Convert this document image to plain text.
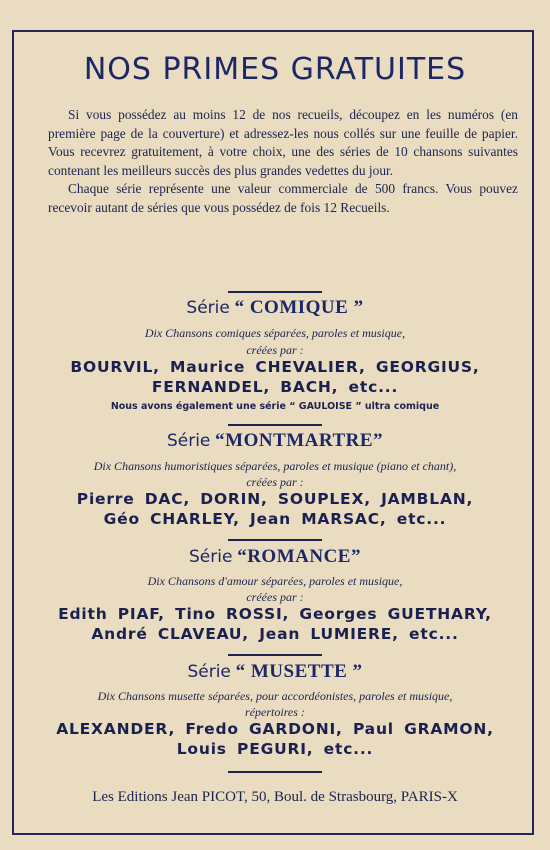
NOS PRIMES GRATUITES

Si vous possédez au moins 12 de nos recueils, découpez en les numéros (en première page de la couverture) et adressez-les nous collés sur une feuille de papier. Vous recevrez gratuitement, à votre choix, une des séries de 10 chansons suivantes contenant les meilleurs succès des plus grandes vedettes du jour.

Chaque série représente une valeur commerciale de 500 francs. Vous pouvez recevoir autant de séries que vous possédez de fois 12 Recueils.

Série “ COMIQUE ”
Dix Chansons comiques séparées, paroles et musique,
créées par :
BOURVIL, Maurice CHEVALIER, GEORGIUS,
FERNANDEL, BACH, etc...
Nous avons également une série “ GAULOISE ” ultra comique
Série “MONTMARTRE”
Dix Chansons humoristiques séparées, paroles et musique (piano et chant),
créées par :
Pierre DAC, DORIN, SOUPLEX, JAMBLAN,
Géo CHARLEY, Jean MARSAC, etc...
Série “ROMANCE”
Dix Chansons d'amour séparées, paroles et musique,
créées par :
Edith PIAF, Tino ROSSI, Georges GUETHARY,
André CLAVEAU, Jean LUMIERE, etc...
Série “ MUSETTE ”
Dix Chansons musette séparées, pour accordéonistes, paroles et musique,
répertoires :
ALEXANDER, Fredo GARDONI, Paul GRAMON,
Louis PEGURI, etc...
Les Editions Jean PICOT, 50, Boul. de Strasbourg, PARIS-X
